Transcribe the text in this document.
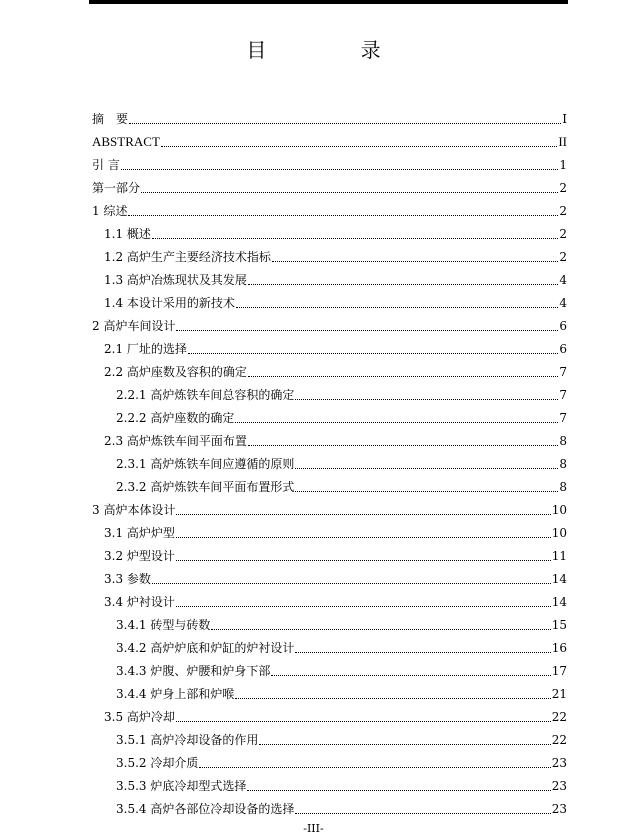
目 录
摘　要	I
ABSTRACT	II
引 言	1
第一部分	2
1 综述	2
1.1 概述	2
1.2 高炉生产主要经济技术指标	2
1.3 高炉冶炼现状及其发展	4
1.4 本设计采用的新技术	4
2 高炉车间设计	6
2.1 厂址的选择	6
2.2 高炉座数及容积的确定	7
2.2.1 高炉炼铁车间总容积的确定	7
2.2.2 高炉座数的确定	7
2.3 高炉炼铁车间平面布置	8
2.3.1 高炉炼铁车间应遵循的原则	8
2.3.2 高炉炼铁车间平面布置形式	8
3 高炉本体设计	10
3.1 高炉炉型	10
3.2 炉型设计	11
3.3 参数	14
3.4 炉衬设计	14
3.4.1 砖型与砖数	15
3.4.2 高炉炉底和炉缸的炉衬设计	16
3.4.3 炉腹、炉腰和炉身下部	17
3.4.4 炉身上部和炉喉	21
3.5 高炉冷却	22
3.5.1 高炉冷却设备的作用	22
3.5.2 冷却介质	23
3.5.3 炉底冷却型式选择	23
3.5.4 高炉各部位冷却设备的选择	23
-III-
